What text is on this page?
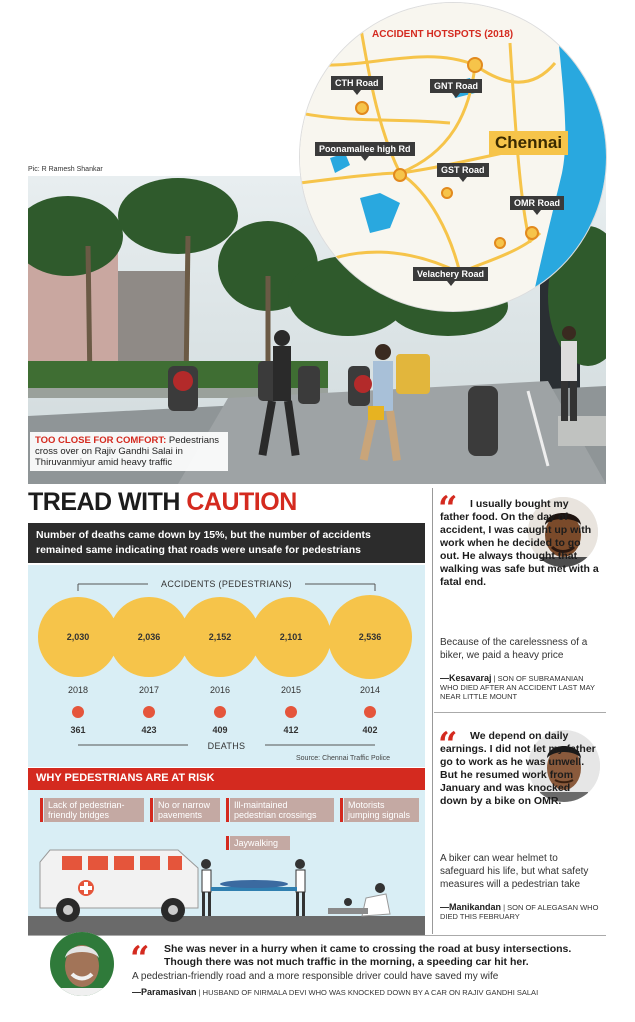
Pic: R Ramesh Shankar
TOO CLOSE FOR COMFORT: Pedestrians cross over on Rajiv Gandhi Salai in Thiruvanmiyur amid heavy traffic
ACCIDENT HOTSPOTS (2018)
CTH Road	GNT Road
Poonamallee high Rd
GST Road
OMR Road
Velachery Road
Chennai
TREAD WITH CAUTION
Number of deaths came down by 15%, but the number of accidents remained same indicating that roads were unsafe for pedestrians
ACCIDENTS (PEDESTRIANS)
DEATHS
Source: Chennai Traffic Police
2,030
2018
361
2,036
2017
423
2,152
2016
409
2,101
2015
412
2,536
2014
402
WHY PEDESTRIANS ARE AT RISK
Lack of pedestrian-friendly bridges
No or narrow pavements
Ill-maintained pedestrian crossings
Motorists jumping signals
Jaywalking
“	I usually bought my father food. On the day of accident, I was caught up with work when he decided to go out. He always thought that walking was safe but met with a fatal end.
Because of the carelessness of a biker, we paid a heavy price
—Kesavaraj | SON OF SUBRAMANIAN WHO DIED AFTER AN ACCIDENT LAST MAY NEAR LITTLE MOUNT
“	We depend on daily earnings. I did not let my father go to work as he was unwell. But he resumed work from January and was knocked down by a bike on OMR.
A biker can wear helmet to safeguard his life, but what safety measures will a pedestrian take
—Manikandan | SON OF ALEGASAN WHO DIED THIS FEBRUARY
“ She was never in a hurry when it came to crossing the road at busy intersections. Though there was not much traffic in the morning, a speeding car hit her.
A pedestrian-friendly road and a more responsible driver could have saved my wife
—Paramasivan | HUSBAND OF NIRMALA DEVI WHO WAS KNOCKED DOWN BY A CAR ON RAJIV GANDHI SALAI
